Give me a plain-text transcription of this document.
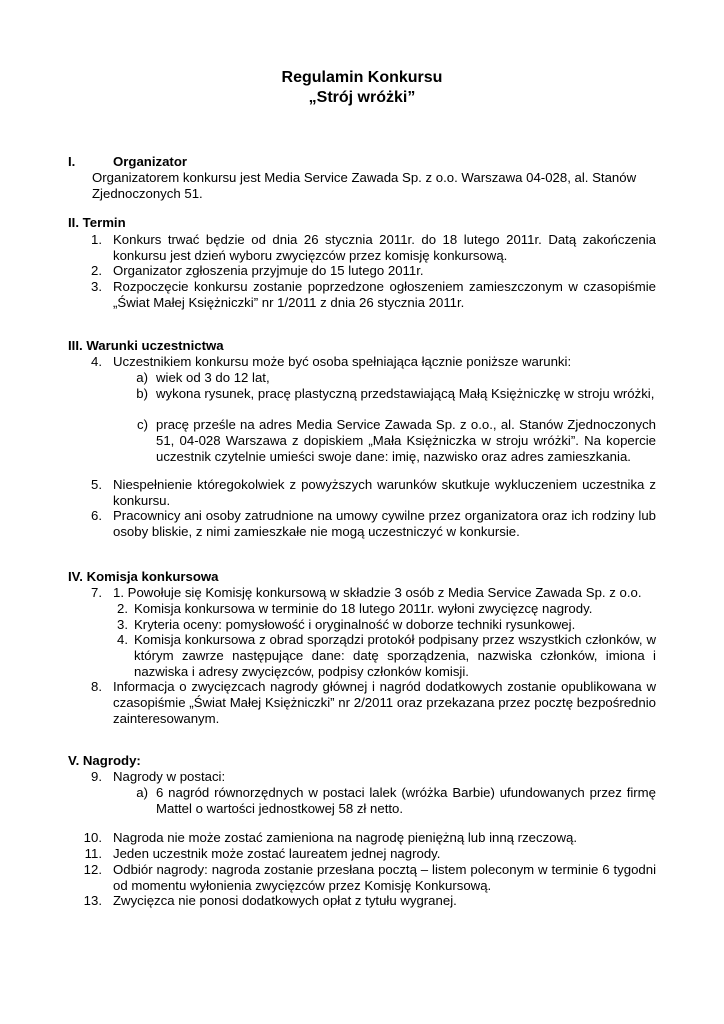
Regulamin Konkursu
„Strój wróżki”

I.	Organizator

Organizatorem konkursu jest Media Service Zawada Sp. z o.o. Warszawa 04-028, al. Stanów

Zjednoczonych 51.

II. Termin

1. Konkurs trwać będzie od dnia 26 stycznia 2011r. do 18 lutego 2011r. Datą zakończenia konkursu jest dzień wyboru zwycięzców przez komisję konkursową.

2. Organizator zgłoszenia przyjmuje do 15 lutego 2011r.

3. Rozpoczęcie konkursu zostanie poprzedzone ogłoszeniem zamieszczonym w czasopiśmie „Świat Małej Księżniczki” nr 1/2011 z dnia 26 stycznia 2011r.

III. Warunki uczestnictwa

4. Uczestnikiem konkursu może być osoba spełniająca łącznie poniższe warunki:

a) wiek od 3 do 12 lat,

b) wykona rysunek, pracę plastyczną przedstawiającą Małą Księżniczkę w stroju wróżki,

c) pracę prześle na adres Media Service Zawada Sp. z o.o., al. Stanów Zjednoczonych 51, 04-028 Warszawa z dopiskiem „Mała Księżniczka w stroju wróżki”. Na kopercie uczestnik czytelnie umieści swoje dane: imię, nazwisko oraz adres zamieszkania.

5. Niespełnienie któregokolwiek z powyższych warunków skutkuje wykluczeniem uczestnika z konkursu.

6. Pracownicy ani osoby zatrudnione na umowy cywilne przez organizatora oraz ich rodziny lub osoby bliskie, z nimi zamieszkałe nie mogą uczestniczyć w konkursie.

IV. Komisja konkursowa

7. 1. Powołuje się Komisję konkursową w składzie 3 osób z Media Service Zawada Sp. z o.o.

2. Komisja konkursowa w terminie do 18 lutego 2011r. wyłoni zwycięzcę nagrody.

3. Kryteria oceny: pomysłowość i oryginalność w doborze techniki rysunkowej.

4. Komisja konkursowa z obrad sporządzi protokół podpisany przez wszystkich członków, w którym zawrze następujące dane: datę sporządzenia, nazwiska członków, imiona i nazwiska i adresy zwycięzców, podpisy członków komisji.

8. Informacja o zwycięzcach nagrody głównej i nagród dodatkowych zostanie opublikowana w czasopiśmie „Świat Małej Księżniczki” nr 2/2011 oraz przekazana przez pocztę bezpośrednio zainteresowanym.

V. Nagrody:

9. Nagrody w postaci:

a) 6 nagród równorzędnych w postaci lalek (wróżka Barbie) ufundowanych przez firmę Mattel o wartości jednostkowej 58 zł netto.

10. Nagroda nie może zostać zamieniona na nagrodę pieniężną lub inną rzeczową.

11. Jeden uczestnik może zostać laureatem jednej nagrody.

12. Odbiór nagrody: nagroda zostanie przesłana pocztą – listem poleconym w terminie 6 tygodni od momentu wyłonienia zwycięzców przez Komisję Konkursową.

13. Zwycięzca nie ponosi dodatkowych opłat z tytułu wygranej.
